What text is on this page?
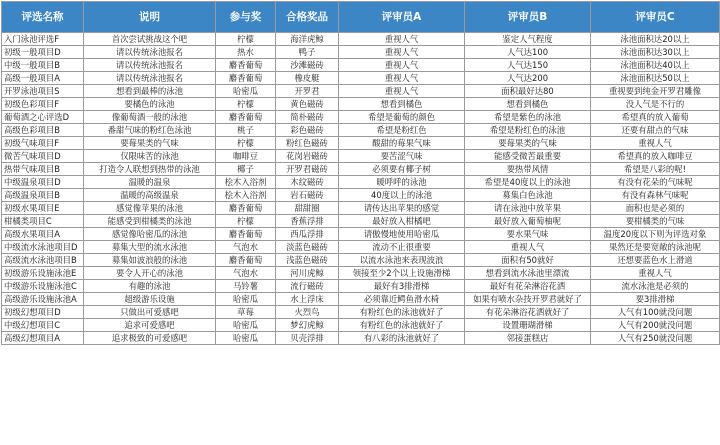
评选名称	说明	参与奖	合格奖品	评审员A	评审员B	评审员C
入门泳池评选F	首次尝试挑战这个吧	柠檬	海洋虎鲸	重视人气	鉴定人气程度	泳池面积达20以上
初级一般项目D	请以传统泳池报名	热水	鸭子	重视人气	人气达100	泳池面积达30以上
中级一般项目B	请以传统泳池报名	麝香葡萄	沙滩磁砖	重视人气	人气达150	泳池面积达40以上
高级一般项目A	请以传统泳池报名	麝香葡萄	橡皮艇	重视人气	人气达200	泳池面积达50以上
开罗泳池项目S	想看到最棒的泳池	哈密瓜	开罗君	重视人气	面积最好达80	重视要到纯金开罗君雕像
初级色彩项目F	要橘色的泳池	柠檬	黄色磁砖	想看到橘色	想看到橘色	没人气是不行的
葡萄酒之心评选D	像葡萄酒一般的泳池	麝香葡萄	简朴磁砖	希望是葡萄的颜色	希望是紫色的泳池	希望真的放入葡萄
高级色彩项目B	番甜气味的粉红色泳池	桃子	彩色磁砖	希望是粉红色	希望是粉红色的泳池	还要有甜点的气味
初级气味项目F	要莓果类的气味	柠檬	粉红色磁砖	酸甜的莓果气味	要莓果类的气味	重视人气
微苦气味项目D	仅限味苦的泳池	咖啡豆	花岗岩磁砖	要苦涩气味	能感受微苦最重要	希望真的放入咖啡豆
热带气味项目B	打造令人联想到热带的泳池	椰子	开罗君磁砖	必须要有椰子树	要热带风情	希望是八彩的呢!
中级温泉项目D	温暖的温泉	桧木入浴剂	木纹磁砖	暖呼呼的泳池	希望是40度以上的泳池	有没有花朵的气味呢
高级温泉项目B	温暖的高级温泉	桧木入浴剂	岩石磁砖	40度以上的泳池	募集白色泳池	有没有森林气味呢
初级水果项目E	感觉像苹果的泳池	麝香葡萄	甜甜圈	请传达出苹果的感觉	请在泳池中放苹果	面积也是必须的
柑橘类项目C	能感受到柑橘类的泳池	柠檬	香蕉浮排	最好放入柑橘吧	最好放入葡萄柚呢	要柑橘类的气味
高级水果项目A	感觉像哈密瓜的泳池	麝香葡萄	西瓜浮排	请傲慢地使用哈密瓜	要水果气味	温度20度以下则为评选对象
中级流水泳池项目D	募集大型的流水泳池	气泡水	淡蓝色磁砖	流动不止很重要	重视人气	果然还是要宽敞的泳池呢
高级流水泳池项目B	募集如波浪般的泳池	麝香葡萄	浅蓝色磁砖	以流水泳池来表现波浪	面积有50就好	还想要蓝色水上滑道
初级游乐设施泳池E	要令人开心的泳池	气泡水	河川虎鲸	领接至少2个以上设施滑梯	想看到流水泳池里漂流	重视人气
中级游乐设施泳池C	有趣的泳池	马铃薯	流行磁砖	最好有3排滑梯	最好有花朵淋浴花洒	流水泳池是必须的
高级游乐设施泳池A	超级游乐设施	哈密瓜	水上浮床	必须靠近鳄鱼滑水椅	如果有喷水杂技开罗君就好了	要3排滑梯
初级幻想项目D	只做出可爱感吧	草莓	火烈鸟	有粉红色的泳池就好了	有花朵淋浴花洒就好了	人气有100就没问题
中级幻想项目C	追求可爱感吧	哈密瓜	梦幻虎鲸	有粉红色的泳池就好了	设置珊瑚滑梯	人气有200就没问题
高级幻想项目A	追求极致的可爱感吧	哈密瓜	贝壳浮排	有八彩的泳池就好了	邻接蛋糕店	人气有250就没问题
